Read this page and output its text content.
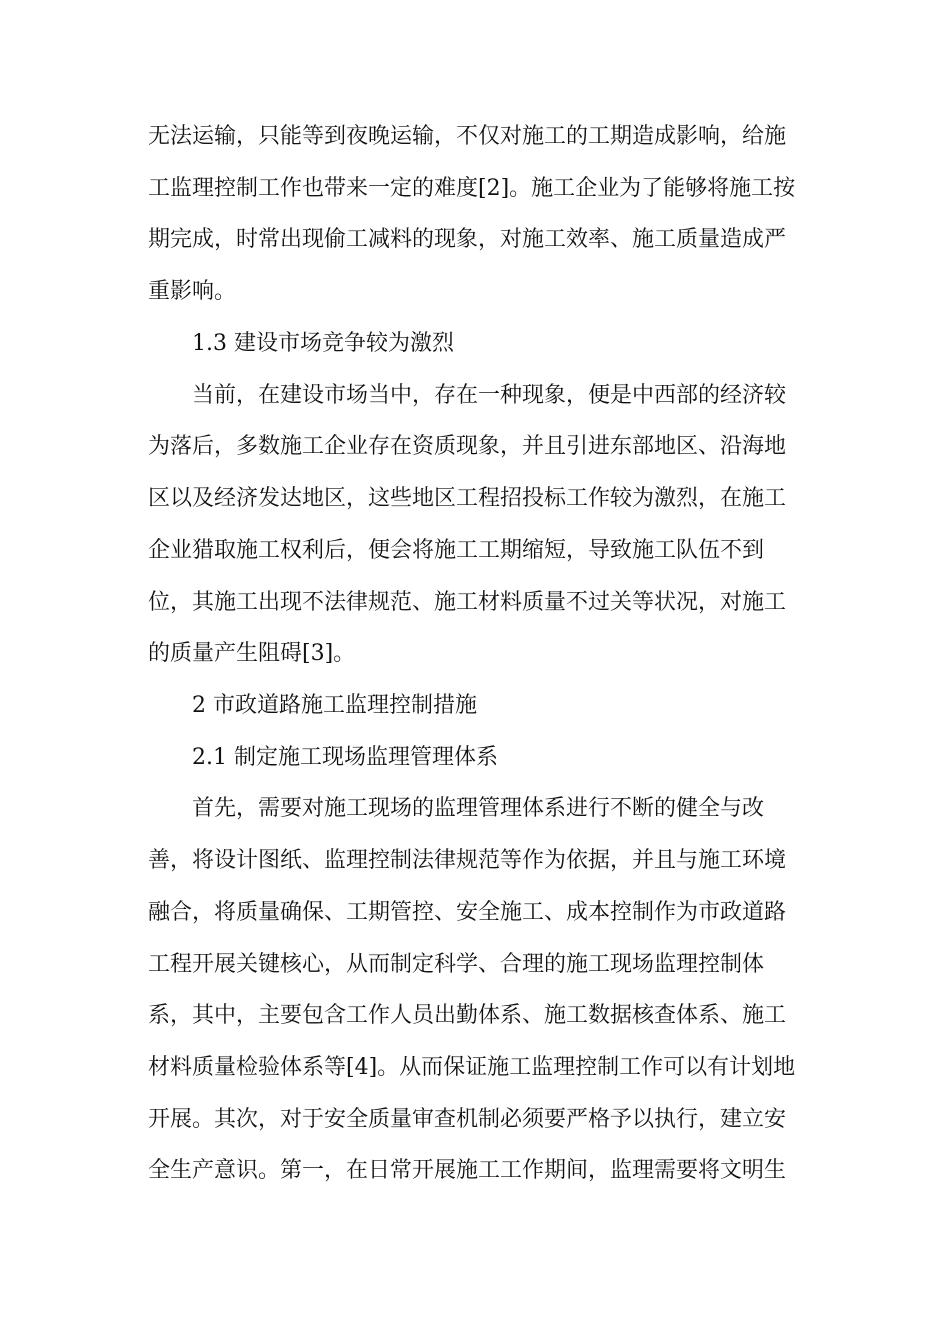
无法运输，只能等到夜晚运输，不仅对施工的工期造成影响，给施
工监理控制工作也带来一定的难度[2]。施工企业为了能够将施工按
期完成，时常出现偷工减料的现象，对施工效率、施工质量造成严
重影响。
1.3 建设市场竞争较为激烈
当前，在建设市场当中，存在一种现象，便是中西部的经济较
为落后，多数施工企业存在资质现象，并且引进东部地区、沿海地
区以及经济发达地区，这些地区工程招投标工作较为激烈，在施工
企业猎取施工权利后，便会将施工工期缩短，导致施工队伍不到
位，其施工出现不法律规范、施工材料质量不过关等状况，对施工
的质量产生阻碍[3]。
2 市政道路施工监理控制措施
2.1 制定施工现场监理管理体系
首先，需要对施工现场的监理管理体系进行不断的健全与改
善，将设计图纸、监理控制法律规范等作为依据，并且与施工环境
融合，将质量确保、工期管控、安全施工、成本控制作为市政道路
工程开展关键核心，从而制定科学、合理的施工现场监理控制体
系，其中，主要包含工作人员出勤体系、施工数据核查体系、施工
材料质量检验体系等[4]。从而保证施工监理控制工作可以有计划地
开展。其次，对于安全质量审查机制必须要严格予以执行，建立安
全生产意识。第一，在日常开展施工工作期间，监理需要将文明生
